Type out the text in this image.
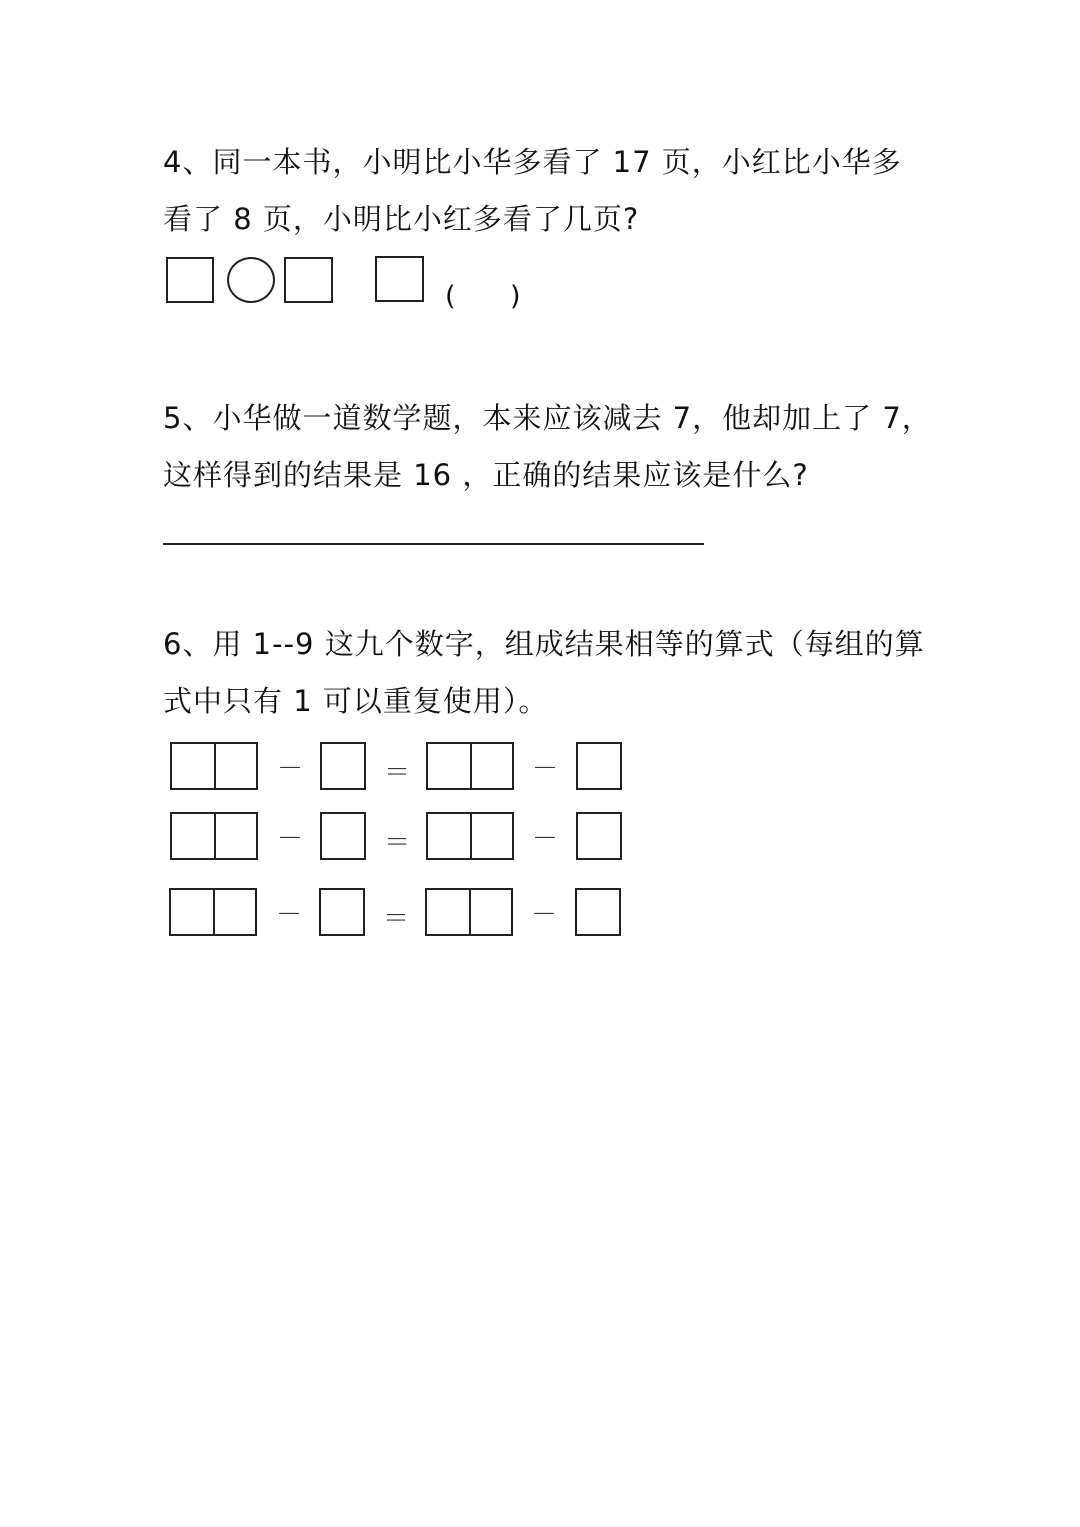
4、同一本书，小明比小华多看了 17 页，小红比小华多
看了 8 页，小明比小红多看了几页?
( )
5、小华做一道数学题，本来应该减去 7，他却加上了 7，
这样得到的结果是 16 ，正确的结果应该是什么?
6、用 1--9 这九个数字，组成结果相等的算式（每组的算
式中只有 1 可以重复使用）。
－	＝	－
－	＝	－
－	＝	－
